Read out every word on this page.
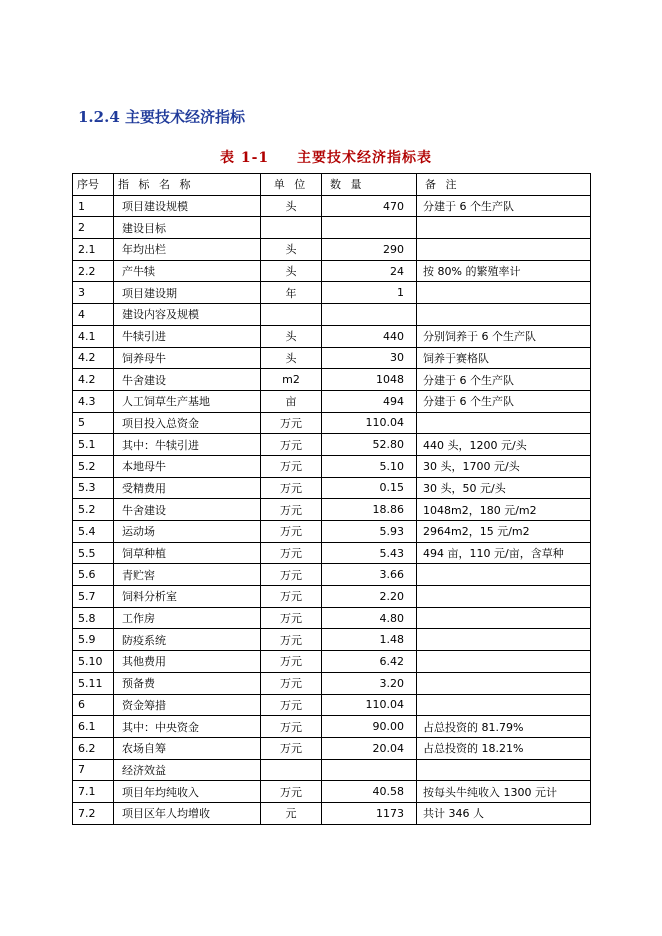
1.2.4 主要技术经济指标
表 1-1 主要技术经济指标表
序号	指 标 名 称	单 位	数 量	备 注
1	项目建设规模	头	470	分建于 6 个生产队
2	建设目标			
2.1	年均出栏	头	290	
2.2	产牛犊	头	24	按 80% 的繁殖率计
3	项目建设期	年	1	
4	建设内容及规模			
4.1	牛犊引进	头	440	分别饲养于 6 个生产队
4.2	饲养母牛	头	30	饲养于赛格队
4.2	牛舍建设	m2	1048	分建于 6 个生产队
4.3	人工饲草生产基地	亩	494	分建于 6 个生产队
5	项目投入总资金	万元	110.04	
5.1	其中：牛犊引进	万元	52.80	440 头，1200 元/头
5.2	本地母牛	万元	5.10	30 头，1700 元/头
5.3	受精费用	万元	0.15	30 头，50 元/头
5.2	牛舍建设	万元	18.86	1048m2，180 元/m2
5.4	运动场	万元	5.93	2964m2，15 元/m2
5.5	饲草种植	万元	5.43	494 亩，110 元/亩，含草种
5.6	青贮窖	万元	3.66	
5.7	饲料分析室	万元	2.20	
5.8	工作房	万元	4.80	
5.9	防疫系统	万元	1.48	
5.10	其他费用	万元	6.42	
5.11	预备费	万元	3.20	
6	资金筹措	万元	110.04	
6.1	其中：中央资金	万元	90.00	占总投资的 81.79%
6.2	农场自筹	万元	20.04	占总投资的 18.21%
7	经济效益			
7.1	项目年均纯收入	万元	40.58	按每头牛纯收入 1300 元计
7.2	项目区年人均增收	元	1173	共计 346 人
